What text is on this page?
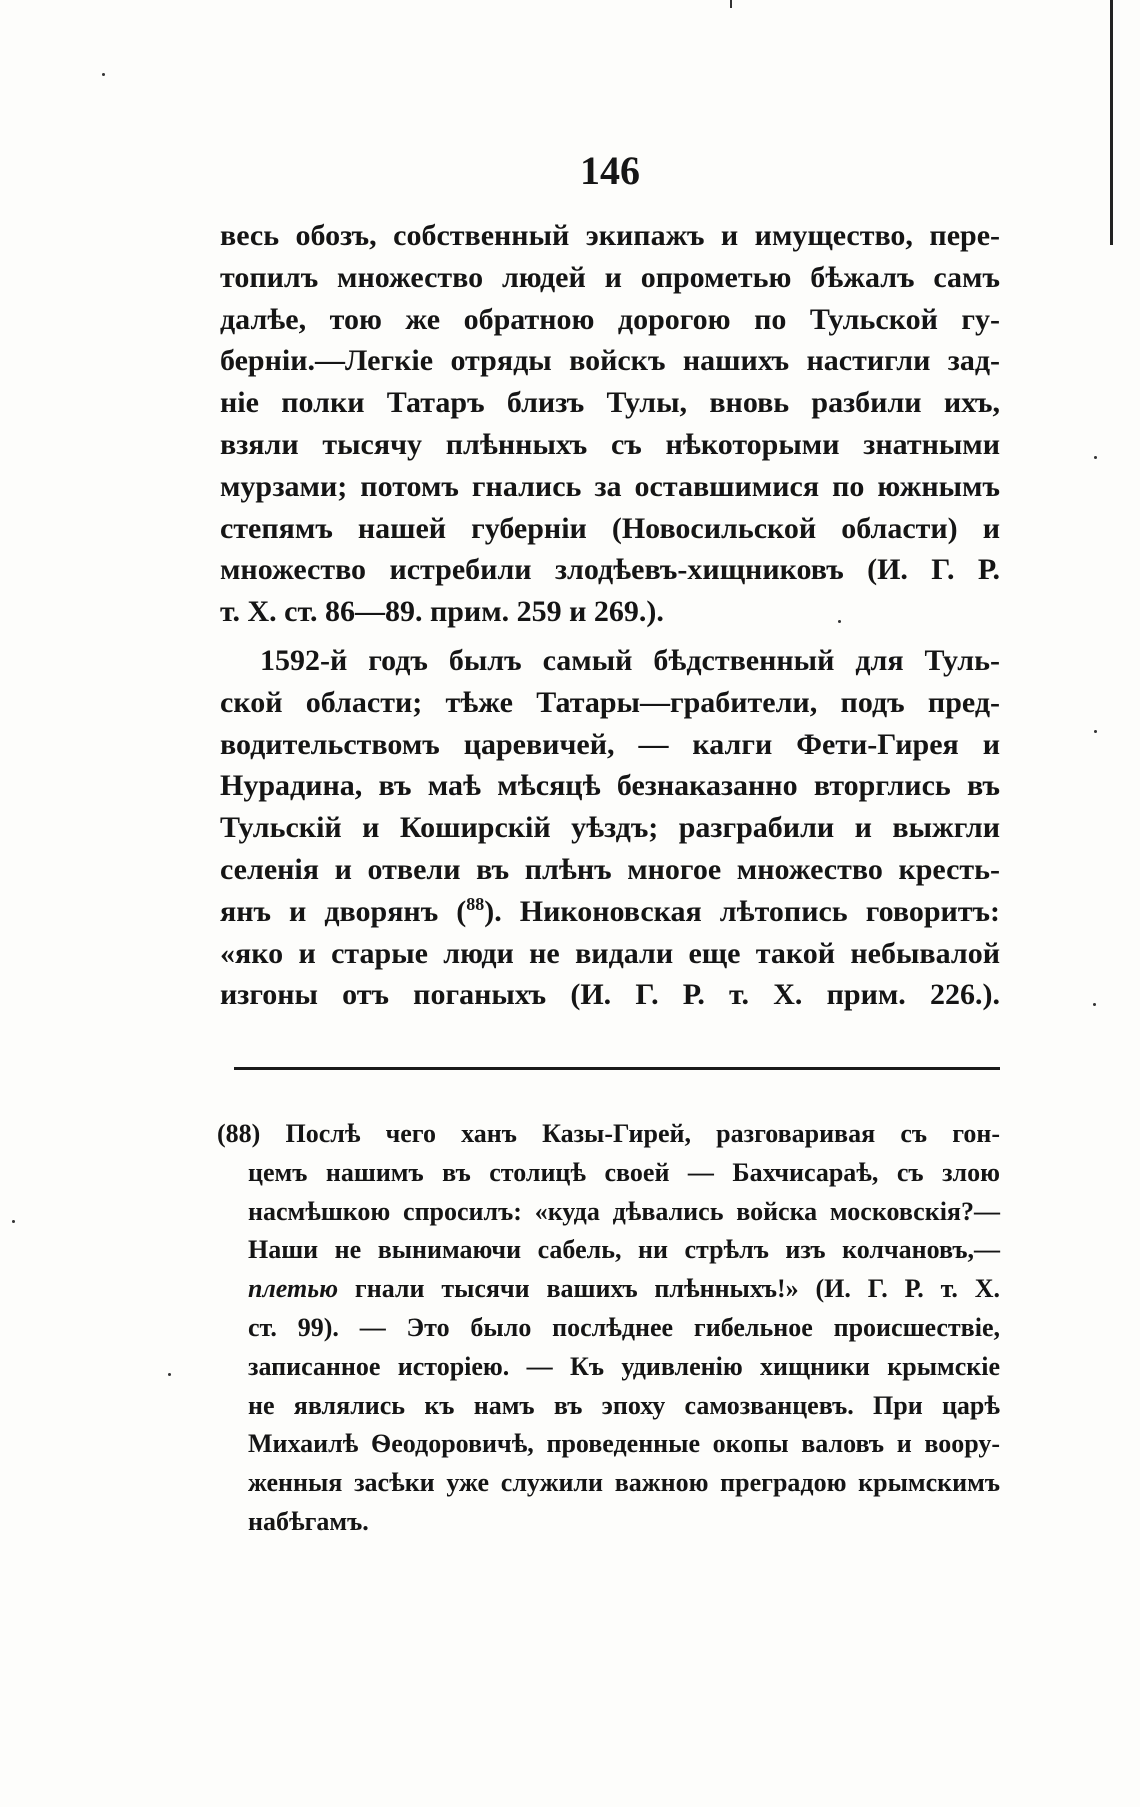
146
весь обозъ, собственный экипажъ и имущество, пере-
топилъ множество людей и опрометью бѣжалъ самъ
далѣе, тою же обратною дорогою по Тульской гу-
берніи.—Легкіе отряды войскъ нашихъ настигли зад-
ніе полки Татаръ близъ Тулы, вновь разбили ихъ,
взяли тысячу плѣнныхъ съ нѣкоторыми знатными
мурзами; потомъ гнались за оставшимися по южнымъ
степямъ нашей губерніи (Новосильской области) и
множество истребили злодѣевъ-хищниковъ (И. Г. Р.
т. Х. ст. 86—89. прим. 259 и 269.).
1592-й годъ былъ самый бѣдственный для Туль-
ской области; тѣже Татары—грабители, подъ пред-
водительствомъ царевичей, — калги Фети-Гирея и
Нурадина, въ маѣ мѣсяцѣ безнаказанно вторглись въ
Тульскій и Коширскій уѣздъ; разграбили и выжгли
селенія и отвели въ плѣнъ многое множество кресть-
янъ и дворянъ ($^{88}$). Никоновская лѣтопись говоритъ:
«яко и старые люди не видали еще такой небывалой
изгоны отъ поганыхъ (И. Г. Р. т. Х. прим. 226.).
(88) Послѣ чего ханъ Казы-Гирей, разговаривая съ гон-
цемъ нашимъ въ столицѣ своей — Бахчисараѣ, съ злою
насмѣшкою спросилъ: «куда дѣвались войска московскія?—
Наши не вынимаючи сабель, ни стрѣлъ изъ колчановъ,—
плетью гнали тысячи вашихъ плѣнныхъ!» (И. Г. Р. т. Х.
ст. 99). — Это было послѣднее гибельное происшествіе,
записанное исторіею. — Къ удивленію хищники крымскіе
не являлись къ намъ въ эпоху самозванцевъ. При царѣ
Михаилѣ Ѳеодоровичѣ, проведенные окопы валовъ и воору-
женныя засѣки уже служили важною преградою крымскимъ
набѣгамъ.
